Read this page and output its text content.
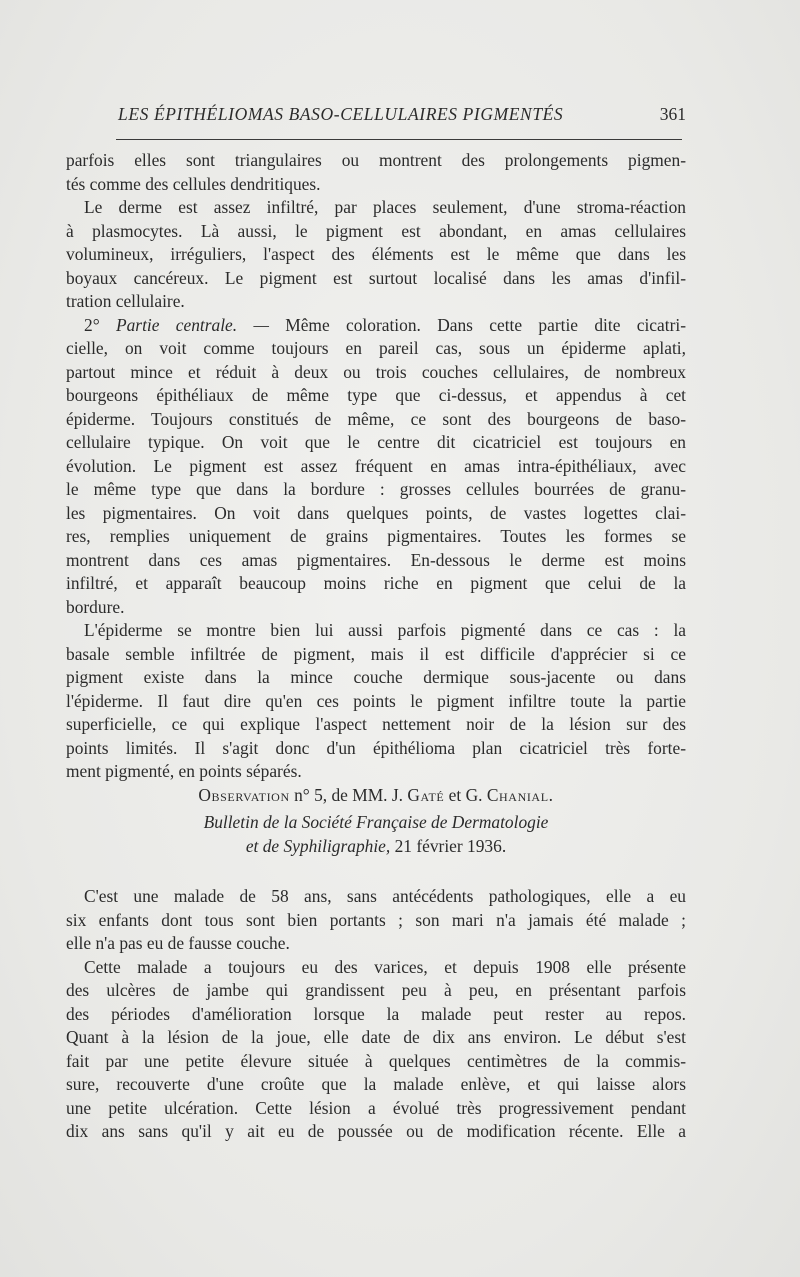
LES ÉPITHÉLIOMAS BASO-CELLULAIRES PIGMENTÉS	361
parfois elles sont triangulaires ou montrent des prolongements pigmen-
tés comme des cellules dendritiques.
Le derme est assez infiltré, par places seulement, d'une stroma-réaction
à plasmocytes. Là aussi, le pigment est abondant, en amas cellulaires
volumineux, irréguliers, l'aspect des éléments est le même que dans les
boyaux cancéreux. Le pigment est surtout localisé dans les amas d'infil-
tration cellulaire.
2° Partie centrale. — Même coloration. Dans cette partie dite cicatri-
cielle, on voit comme toujours en pareil cas, sous un épiderme aplati,
partout mince et réduit à deux ou trois couches cellulaires, de nombreux
bourgeons épithéliaux de même type que ci-dessus, et appendus à cet
épiderme. Toujours constitués de même, ce sont des bourgeons de baso-
cellulaire typique. On voit que le centre dit cicatriciel est toujours en
évolution. Le pigment est assez fréquent en amas intra-épithéliaux, avec
le même type que dans la bordure : grosses cellules bourrées de granu-
les pigmentaires. On voit dans quelques points, de vastes logettes clai-
res, remplies uniquement de grains pigmentaires. Toutes les formes se
montrent dans ces amas pigmentaires. En-dessous le derme est moins
infiltré, et apparaît beaucoup moins riche en pigment que celui de la
bordure.
L'épiderme se montre bien lui aussi parfois pigmenté dans ce cas : la
basale semble infiltrée de pigment, mais il est difficile d'apprécier si ce
pigment existe dans la mince couche dermique sous-jacente ou dans
l'épiderme. Il faut dire qu'en ces points le pigment infiltre toute la partie
superficielle, ce qui explique l'aspect nettement noir de la lésion sur des
points limités. Il s'agit donc d'un épithélioma plan cicatriciel très forte-
ment pigmenté, en points séparés.
Observation n° 5, de MM. J. Gaté et G. Chanial.
Bulletin de la Société Française de Dermatologie
et de Syphiligraphie, 21 février 1936.
C'est une malade de 58 ans, sans antécédents pathologiques, elle a eu
six enfants dont tous sont bien portants ; son mari n'a jamais été malade ;
elle n'a pas eu de fausse couche.
Cette malade a toujours eu des varices, et depuis 1908 elle présente
des ulcères de jambe qui grandissent peu à peu, en présentant parfois
des périodes d'amélioration lorsque la malade peut rester au repos.
Quant à la lésion de la joue, elle date de dix ans environ. Le début s'est
fait par une petite élevure située à quelques centimètres de la commis-
sure, recouverte d'une croûte que la malade enlève, et qui laisse alors
une petite ulcération. Cette lésion a évolué très progressivement pendant
dix ans sans qu'il y ait eu de poussée ou de modification récente. Elle a
